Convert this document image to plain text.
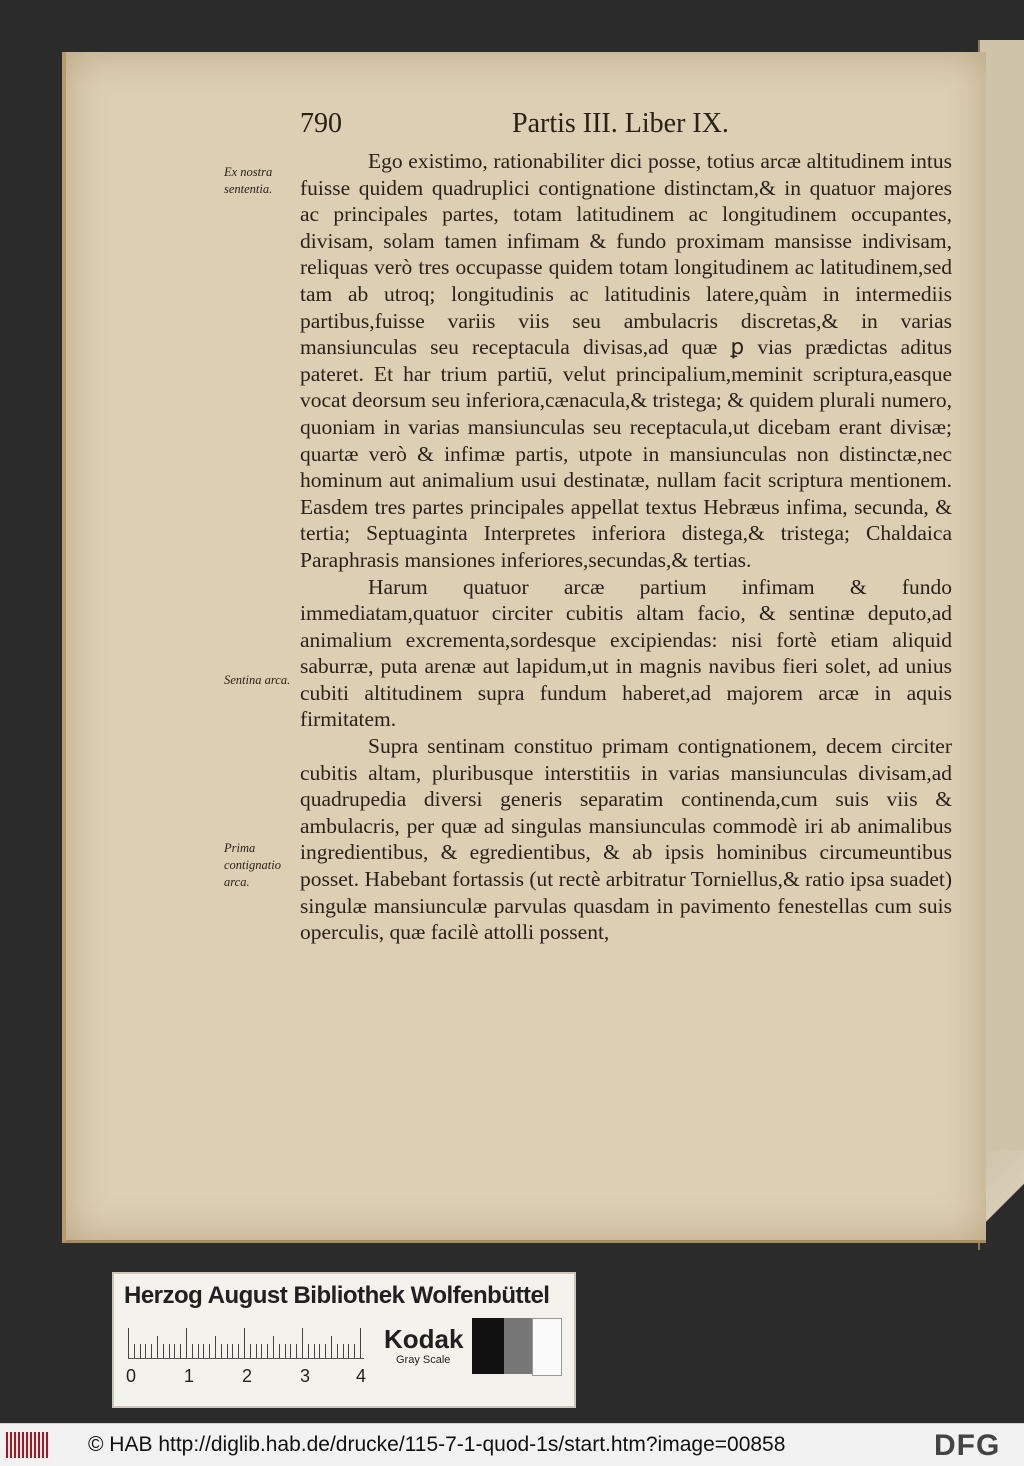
790	Partis III. Liber IX.
Ex nostra sententia.
Sentina arca.
Prima contignatio arca.

Ego existimo, rationabiliter dici posse, totius arcæ altitudinem intus fuisse quidem quadruplici contignatione distinctam,& in quatuor majores ac principales partes, totam latitudinem ac longitudinem occupantes, divisam, solam tamen infimam & fundo proximam mansisse indivisam, reliquas verò tres occupasse quidem totam longitudinem ac latitudinem,sed tam ab utroq; longitudinis ac latitudinis latere,quàm in intermediis partibus,fuisse variis viis seu ambulacris discretas,& in varias mansiunculas seu receptacula divisas,ad quæ ꝑ vias prædictas aditus pateret. Et har trium partiū, velut principalium,meminit scriptura,easque vocat deorsum seu inferiora,cænacula,& tristega; & quidem plurali numero, quoniam in varias mansiunculas seu receptacula,ut dicebam erant divisæ; quartæ verò & infimæ partis, utpote in mansiunculas non distinctæ,nec hominum aut animalium usui destinatæ, nullam facit scriptura mentionem. Easdem tres partes principales appellat textus Hebræus infima, secunda, & tertia; Septuaginta Interpretes inferiora distega,& tristega; Chaldaica Paraphrasis mansiones inferiores,secundas,& tertias.

Harum quatuor arcæ partium infimam & fundo immediatam,quatuor circiter cubitis altam facio, & sentinæ deputo,ad animalium excrementa,sordesque excipiendas: nisi fortè etiam aliquid saburræ, puta arenæ aut lapidum,ut in magnis navibus fieri solet, ad unius cubiti altitudinem supra fundum haberet,ad majorem arcæ in aquis firmitatem.

Supra sentinam constituo primam contignationem, decem circiter cubitis altam, pluribusque interstitiis in varias mansiunculas divisam,ad quadrupedia diversi generis separatim continenda,cum suis viis & ambulacris, per quæ ad singulas mansiunculas commodè iri ab animalibus ingredientibus, & egredientibus, & ab ipsis hominibus circumeuntibus posset. Habebant fortassis (ut rectè arbitratur Torniellus,& ratio ipsa suadet) singulæ mansiunculæ parvulas quasdam in pavimento fenestellas cum suis operculis, quæ facilè attolli possent,

Herzog August Bibliothek Wolfenbüttel
0	1	2	3	4
Kodak
Gray Scale
© HAB http://diglib.hab.de/drucke/115-7-1-quod-1s/start.htm?image=00858	DFG
